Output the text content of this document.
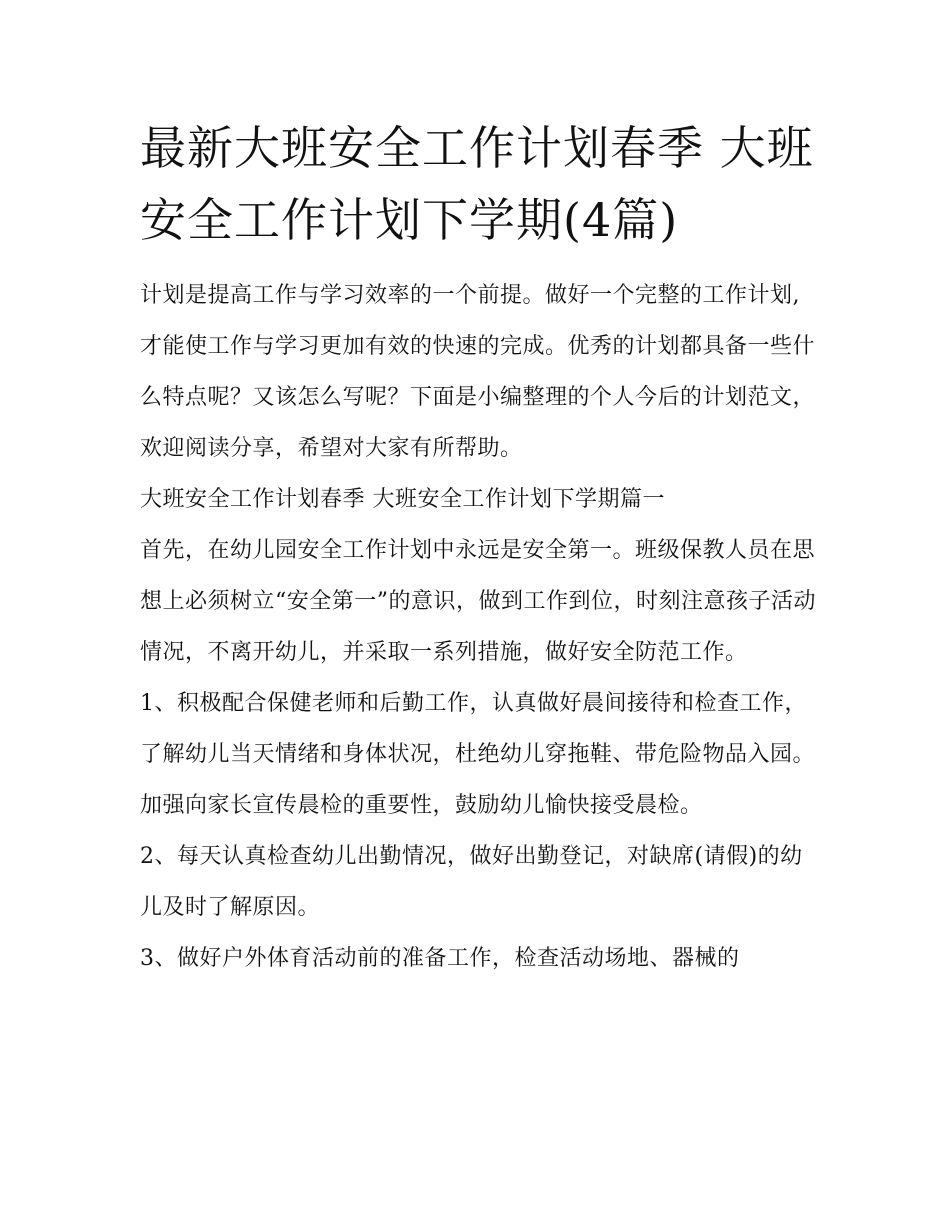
最新大班安全工作计划春季 大班安全工作计划下学期(4篇)

计划是提高工作与学习效率的一个前提。做好一个完整的工作计划,才能使工作与学习更加有效的快速的完成。优秀的计划都具备一些什么特点呢？又该怎么写呢？下面是小编整理的个人今后的计划范文，欢迎阅读分享，希望对大家有所帮助。

大班安全工作计划春季 大班安全工作计划下学期篇一

首先，在幼儿园安全工作计划中永远是安全第一。班级保教人员在思想上必须树立“安全第一”的意识，做到工作到位，时刻注意孩子活动情况，不离开幼儿，并采取一系列措施，做好安全防范工作。

1、积极配合保健老师和后勤工作，认真做好晨间接待和检查工作，了解幼儿当天情绪和身体状况，杜绝幼儿穿拖鞋、带危险物品入园。加强向家长宣传晨检的重要性，鼓励幼儿愉快接受晨检。

2、每天认真检查幼儿出勤情况，做好出勤登记，对缺席(请假)的幼儿及时了解原因。

3、做好户外体育活动前的准备工作，检查活动场地、器械的
